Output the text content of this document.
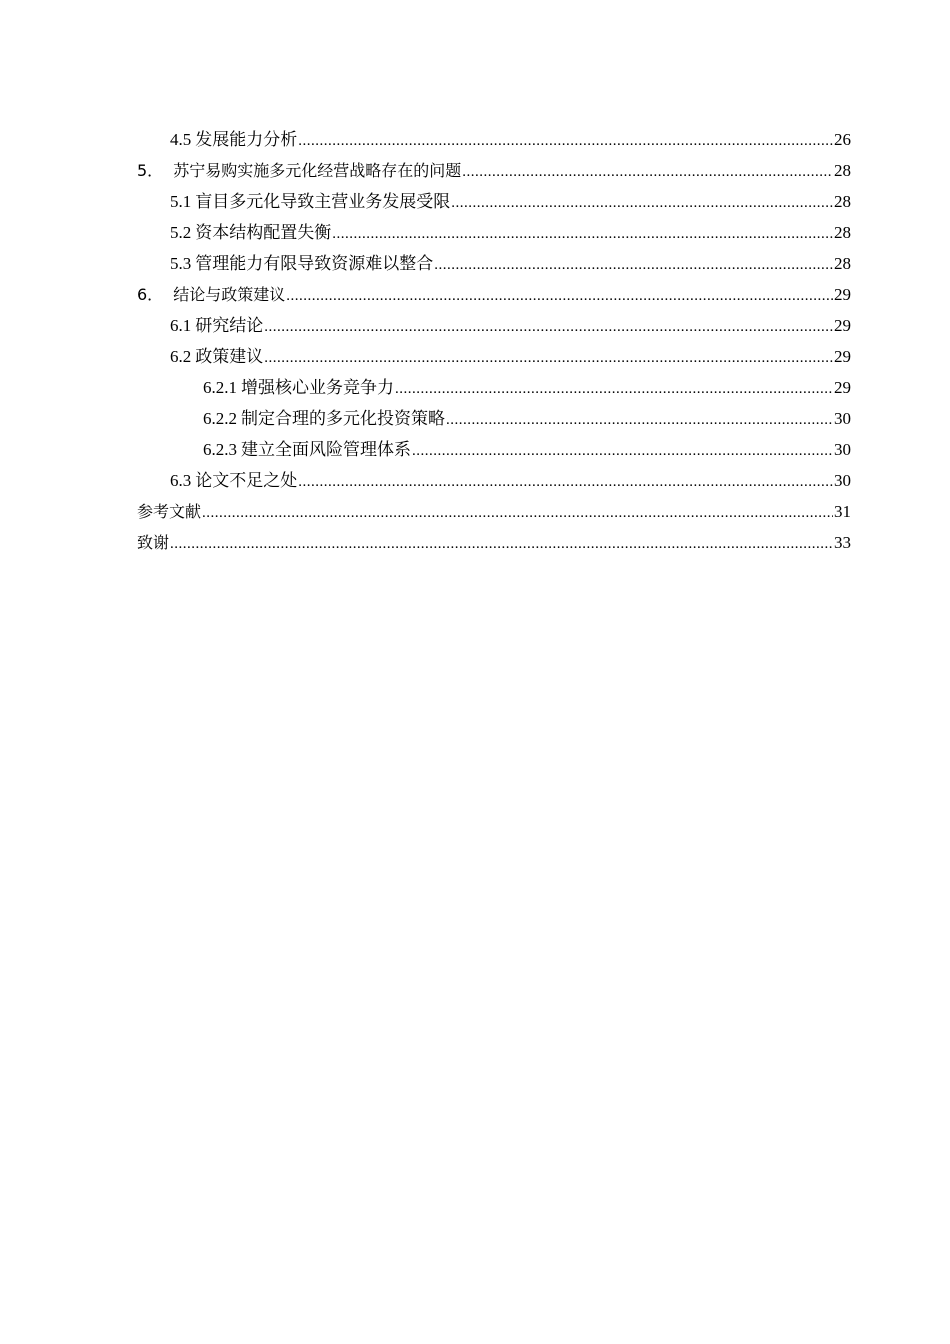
4.5 发展能力分析 .....	26
5． 苏宁易购实施多元化经营战略存在的问题 .....	28
5.1 盲目多元化导致主营业务发展受限 .....	28
5.2 资本结构配置失衡 .....	28
5.3 管理能力有限导致资源难以整合 .....	28
6． 结论与政策建议 .....	29
6.1 研究结论 .....	29
6.2 政策建议 .....	29
6.2.1 增强核心业务竞争力 .....	29
6.2.2 制定合理的多元化投资策略 .....	30
6.2.3 建立全面风险管理体系 .....	30
6.3 论文不足之处 .....	30
参考文献 .....	31
致谢 .....	33
